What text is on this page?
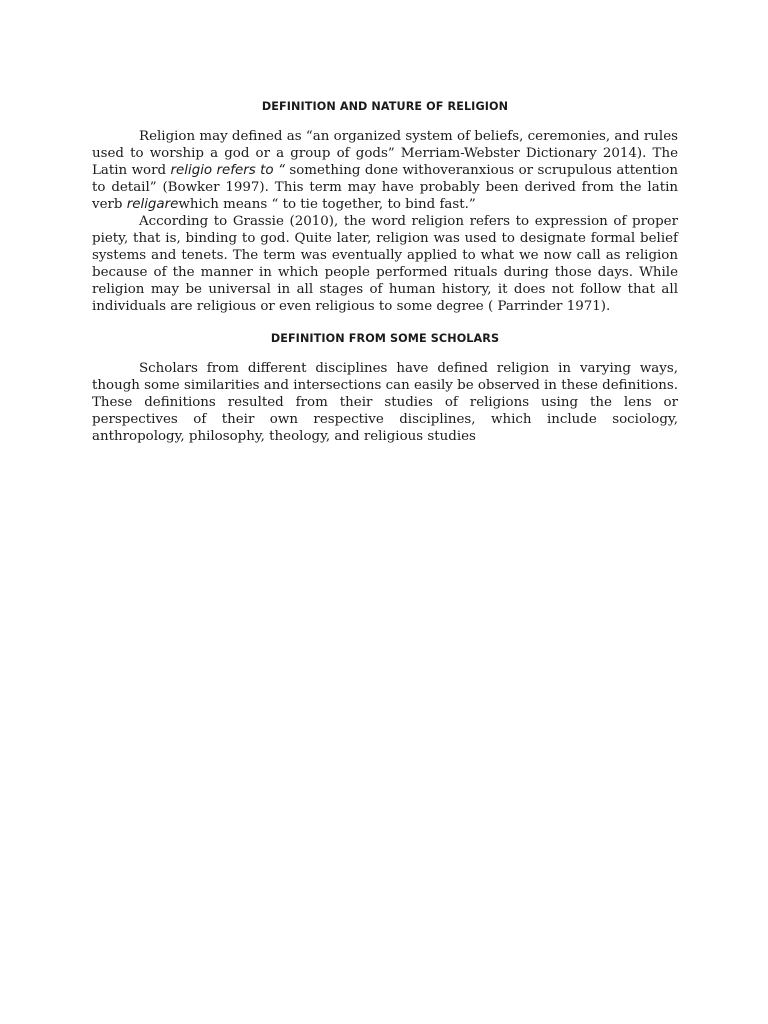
DEFINITION AND NATURE OF RELIGION

Religion may defined as “an organized system of beliefs, ceremonies, and rules used to worship a god or a group of gods” Merriam-Webster Dictionary 2014). The Latin word religio refers to “ something done withoveranxious or scrupulous attention to detail” (Bowker 1997). This term may have probably been derived from the latin verb religarewhich means “ to tie together, to bind fast.”

According to Grassie (2010), the word religion refers to expression of proper piety, that is, binding to god. Quite later, religion was used to designate formal belief systems and tenets. The term was eventually applied to what we now call as religion because of the manner in which people performed rituals during those days. While religion may be universal in all stages of human history, it does not follow that all individuals are religious or even religious to some degree ( Parrinder 1971).

DEFINITION FROM SOME SCHOLARS

Scholars from different disciplines have defined religion in varying ways, though some similarities and intersections can easily be observed in these definitions. These definitions resulted from their studies of religions using the lens or perspectives of their own respective disciplines, which include sociology, anthropology, philosophy, theology, and religious studies
